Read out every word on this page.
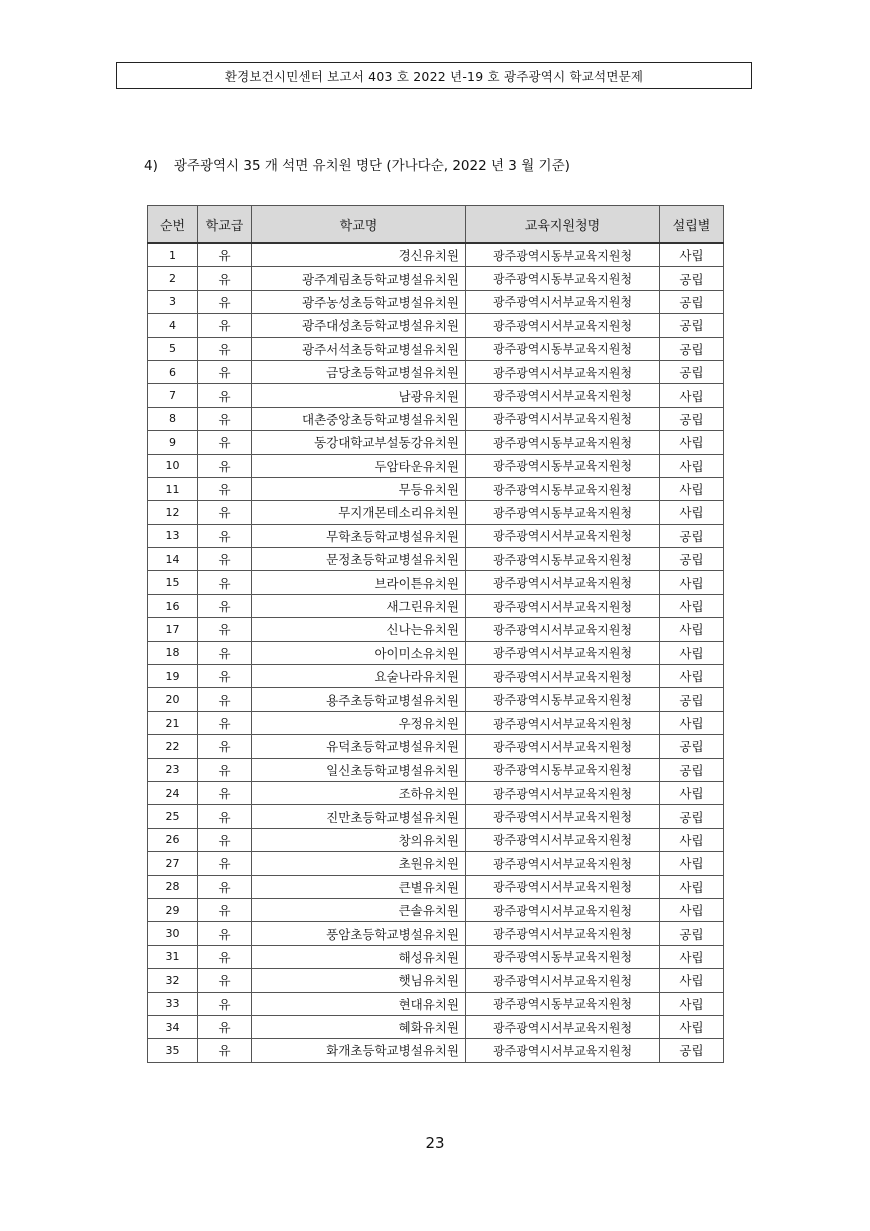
환경보건시민센터 보고서 403 호 2022 년-19 호 광주광역시 학교석면문제
4) 광주광역시 35 개 석면 유치원 명단 (가나다순, 2022 년 3 월 기준)
순번	학교급	학교명	교육지원청명	설립별
1	유	경신유치원	광주광역시동부교육지원청	사립
2	유	광주계림초등학교병설유치원	광주광역시동부교육지원청	공립
3	유	광주농성초등학교병설유치원	광주광역시서부교육지원청	공립
4	유	광주대성초등학교병설유치원	광주광역시서부교육지원청	공립
5	유	광주서석초등학교병설유치원	광주광역시동부교육지원청	공립
6	유	금당초등학교병설유치원	광주광역시서부교육지원청	공립
7	유	남광유치원	광주광역시서부교육지원청	사립
8	유	대촌중앙초등학교병설유치원	광주광역시서부교육지원청	공립
9	유	동강대학교부설동강유치원	광주광역시동부교육지원청	사립
10	유	두암타운유치원	광주광역시동부교육지원청	사립
11	유	무등유치원	광주광역시동부교육지원청	사립
12	유	무지개몬테소리유치원	광주광역시동부교육지원청	사립
13	유	무학초등학교병설유치원	광주광역시서부교육지원청	공립
14	유	문정초등학교병설유치원	광주광역시동부교육지원청	공립
15	유	브라이튼유치원	광주광역시서부교육지원청	사립
16	유	새그린유치원	광주광역시서부교육지원청	사립
17	유	신나는유치원	광주광역시서부교육지원청	사립
18	유	아이미소유치원	광주광역시서부교육지원청	사립
19	유	요술나라유치원	광주광역시서부교육지원청	사립
20	유	용주초등학교병설유치원	광주광역시동부교육지원청	공립
21	유	우정유치원	광주광역시서부교육지원청	사립
22	유	유덕초등학교병설유치원	광주광역시서부교육지원청	공립
23	유	일신초등학교병설유치원	광주광역시동부교육지원청	공립
24	유	조하유치원	광주광역시서부교육지원청	사립
25	유	진만초등학교병설유치원	광주광역시서부교육지원청	공립
26	유	창의유치원	광주광역시서부교육지원청	사립
27	유	초원유치원	광주광역시서부교육지원청	사립
28	유	큰별유치원	광주광역시서부교육지원청	사립
29	유	큰솔유치원	광주광역시서부교육지원청	사립
30	유	풍암초등학교병설유치원	광주광역시서부교육지원청	공립
31	유	해성유치원	광주광역시동부교육지원청	사립
32	유	햇님유치원	광주광역시서부교육지원청	사립
33	유	현대유치원	광주광역시동부교육지원청	사립
34	유	혜화유치원	광주광역시서부교육지원청	사립
35	유	화개초등학교병설유치원	광주광역시서부교육지원청	공립
23
